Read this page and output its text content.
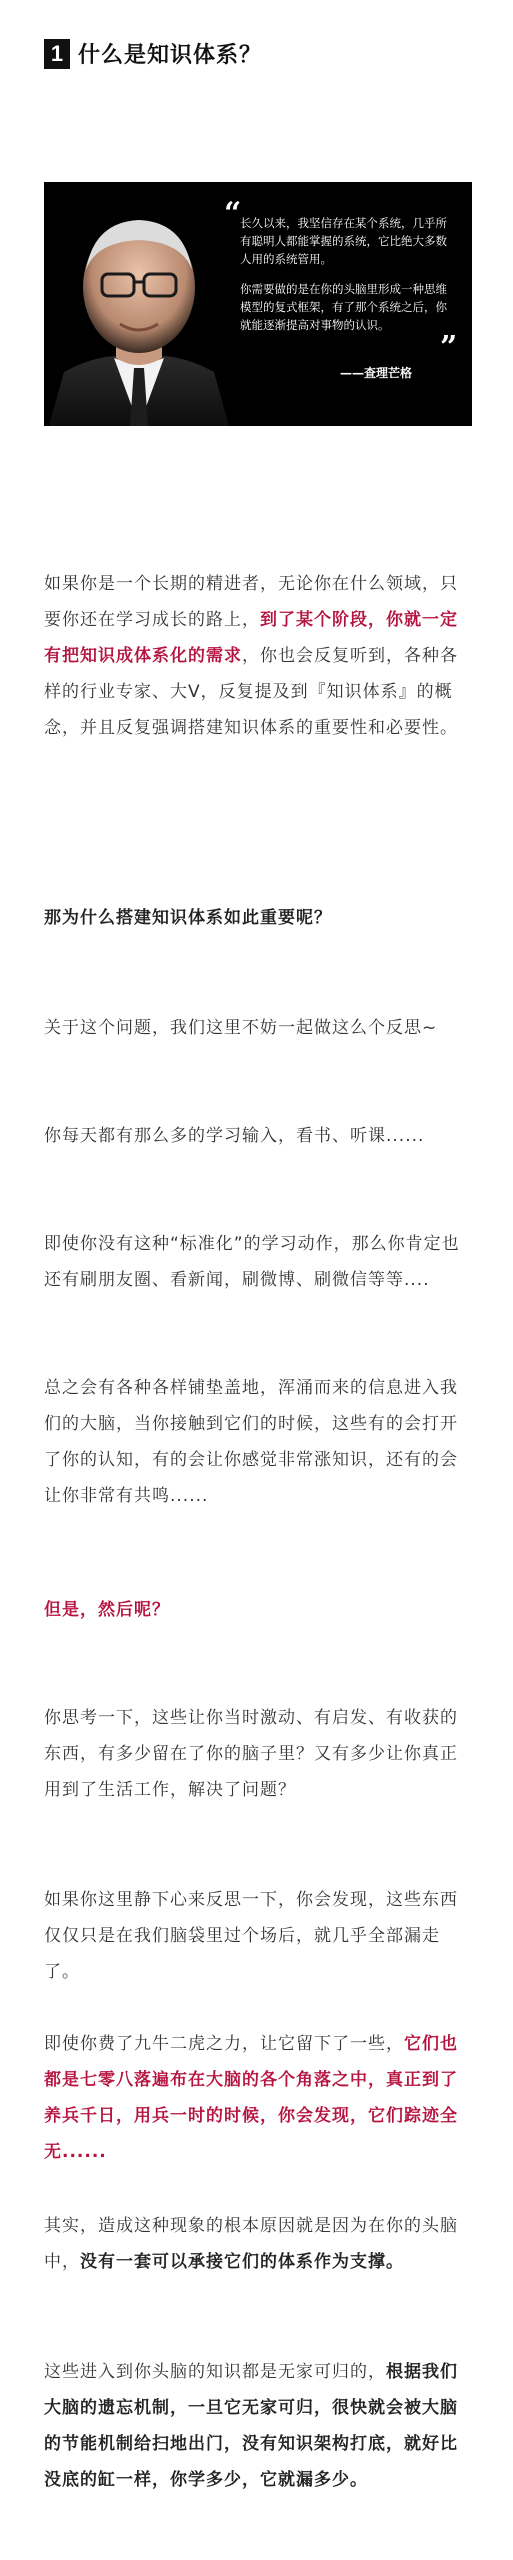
1 什么是知识体系？
“

长久以来，我坚信存在某个系统，几乎所有聪明人都能掌握的系统，它比绝大多数人用的系统管用。

你需要做的是在你的头脑里形成一种思维模型的复式框架，有了那个系统之后，你就能逐渐提高对事物的认识。

”
——查理芒格

如果你是一个长期的精进者，无论你在什么领域，只要你还在学习成长的路上，到了某个阶段，你就一定有把知识成体系化的需求，你也会反复听到，各种各样的行业专家、大V，反复提及到『知识体系』的概念，并且反复强调搭建知识体系的重要性和必要性。

那为什么搭建知识体系如此重要呢？

关于这个问题，我们这里不妨一起做这么个反思~

你每天都有那么多的学习输入，看书、听课......

即使你没有这种“标准化”的学习动作，那么你肯定也还有刷朋友圈、看新闻，刷微博、刷微信等等....

总之会有各种各样铺垫盖地，浑涌而来的信息进入我们的大脑，当你接触到它们的时候，这些有的会打开了你的认知，有的会让你感觉非常涨知识，还有的会让你非常有共鸣......

但是，然后呢？

你思考一下，这些让你当时激动、有启发、有收获的东西，有多少留在了你的脑子里？又有多少让你真正用到了生活工作，解决了问题？

如果你这里静下心来反思一下，你会发现，这些东西仅仅只是在我们脑袋里过个场后，就几乎全部漏走了。

即使你费了九牛二虎之力，让它留下了一些，它们也都是七零八落遍布在大脑的各个角落之中，真正到了养兵千日，用兵一时的时候，你会发现，它们踪迹全无......

其实，造成这种现象的根本原因就是因为在你的头脑中，没有一套可以承接它们的体系作为支撑。

这些进入到你头脑的知识都是无家可归的，根据我们大脑的遗忘机制，一旦它无家可归，很快就会被大脑的节能机制给扫地出门，没有知识架构打底，就好比没底的缸一样，你学多少，它就漏多少。
